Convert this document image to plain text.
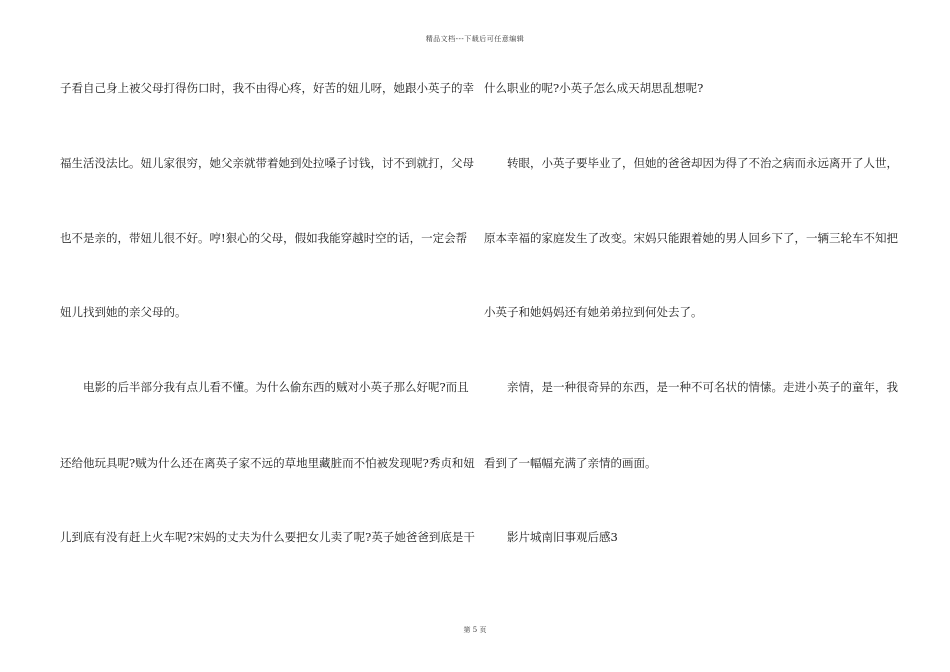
精品文档---下载后可任意编辑
子看自己身上被父母打得伤口时，我不由得心疼，好苦的妞儿呀，她跟小英子的幸
福生活没法比。妞儿家很穷，她父亲就带着她到处拉嗓子讨钱，讨不到就打，父母
也不是亲的，带妞儿很不好。哼!狠心的父母，假如我能穿越时空的话，一定会帮
妞儿找到她的亲父母的。
电影的后半部分我有点儿看不懂。为什么偷东西的贼对小英子那么好呢?而且
还给他玩具呢?贼为什么还在离英子家不远的草地里藏脏而不怕被发现呢?秀贞和妞
儿到底有没有赶上火车呢?宋妈的丈夫为什么要把女儿卖了呢?英子她爸爸到底是干
什么职业的呢?小英子怎么成天胡思乱想呢?
转眼，小英子要毕业了，但她的爸爸却因为得了不治之病而永远离开了人世，
原本幸福的家庭发生了改变。宋妈只能跟着她的男人回乡下了，一辆三轮车不知把
小英子和她妈妈还有她弟弟拉到何处去了。
亲情，是一种很奇异的东西，是一种不可名状的情愫。走进小英子的童年，我
看到了一幅幅充满了亲情的画面。
影片城南旧事观后感3
第 5 页
